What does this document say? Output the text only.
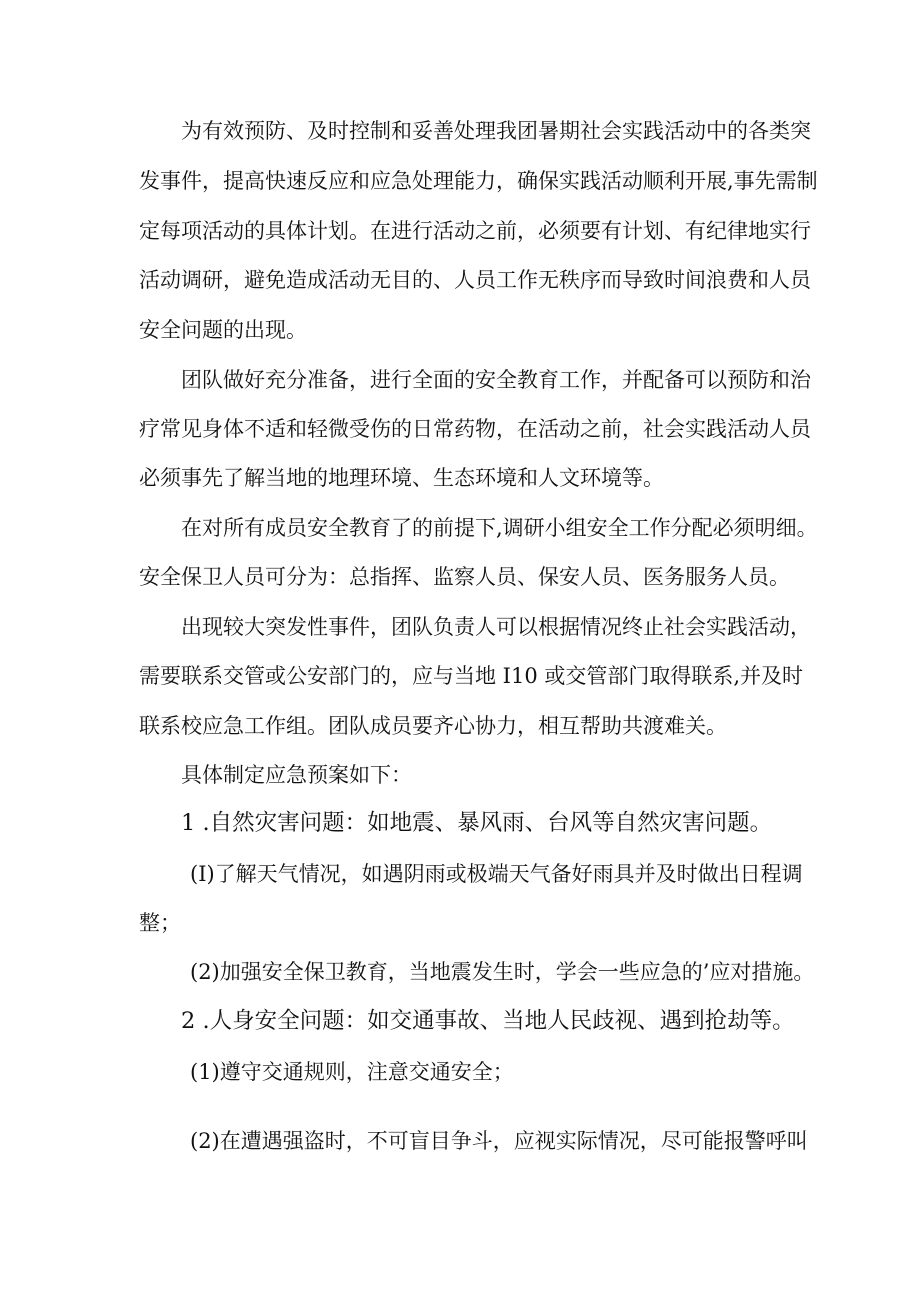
为有效预防、及时控制和妥善处理我团暑期社会实践活动中的各类突
发事件，提高快速反应和应急处理能力，确保实践活动顺利开展,事先需制
定每项活动的具体计划。在进行活动之前，必须要有计划、有纪律地实行
活动调研，避免造成活动无目的、人员工作无秩序而导致时间浪费和人员
安全问题的出现。
团队做好充分准备，进行全面的安全教育工作，并配备可以预防和治
疗常见身体不适和轻微受伤的日常药物，在活动之前，社会实践活动人员
必须事先了解当地的地理环境、生态环境和人文环境等。
在对所有成员安全教育了的前提下,调研小组安全工作分配必须明细。
安全保卫人员可分为：总指挥、监察人员、保安人员、医务服务人员。
出现较大突发性事件，团队负责人可以根据情况终止社会实践活动，
需要联系交管或公安部门的，应与当地 I10 或交管部门取得联系,并及时
联系校应急工作组。团队成员要齐心协力，相互帮助共渡难关。
具体制定应急预案如下：
1 .自然灾害问题：如地震、暴风雨、台风等自然灾害问题。
(I)了解天气情况，如遇阴雨或极端天气备好雨具并及时做出日程调
整；
(2)加强安全保卫教育，当地震发生时，学会一些应急的’应对措施。
2 .人身安全问题：如交通事故、当地人民歧视、遇到抢劫等。
(1)遵守交通规则，注意交通安全；
(2)在遭遇强盗时，不可盲目争斗，应视实际情况，尽可能报警呼叫
